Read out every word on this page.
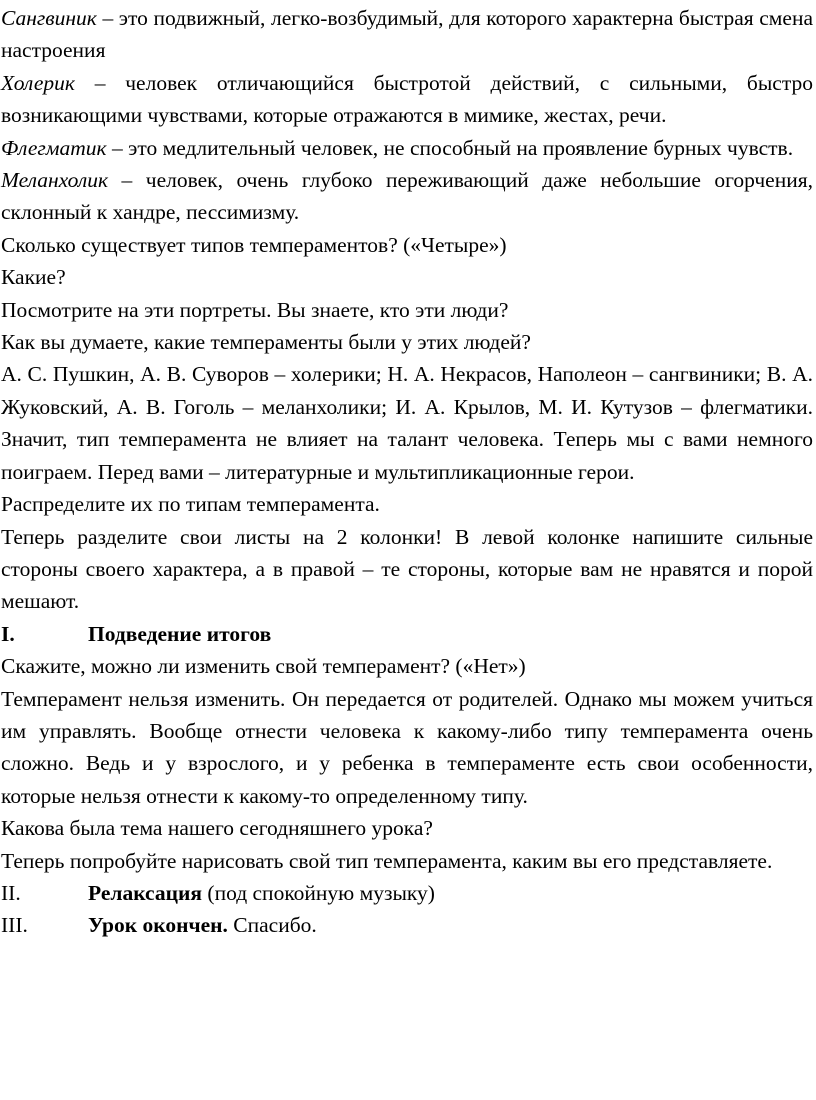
Сангвиник – это подвижный, легко-возбудимый, для которого характерна быстрая смена настроения

Холерик – человек отличающийся быстротой действий, с сильными, быстро возникающими чувствами, которые отражаются в мимике, жестах, речи.

Флегматик – это медлительный человек, не способный на проявление бурных чувств.

Меланхолик – человек, очень глубоко переживающий даже небольшие огорчения, склонный к хандре, пессимизму.

Сколько существует типов темпераментов? («Четыре»)

Какие?

Посмотрите на эти портреты. Вы знаете, кто эти люди?

Как вы думаете, какие темпераменты были у этих людей?

А. С. Пушкин, А. В. Суворов – холерики; Н. А. Некрасов, Наполеон – сангвиники; В. А. Жуковский, А. В. Гоголь – меланхолики; И. А. Крылов, М. И. Кутузов – флегматики. Значит, тип темперамента не влияет на талант человека. Теперь мы с вами немного поиграем. Перед вами – литературные и мультипликационные герои.

Распределите их по типам темперамента.

Теперь разделите свои листы на 2 колонки! В левой колонке напишите сильные стороны своего характера, а в правой – те стороны, которые вам не нравятся и порой мешают.

I.	Подведение итогов

Скажите, можно ли изменить свой темперамент? («Нет»)

Темперамент нельзя изменить. Он передается от родителей. Однако мы можем учиться им управлять. Вообще отнести человека к какому-либо типу темперамента очень сложно. Ведь и у взрослого, и у ребенка в темпераменте есть свои особенности, которые нельзя отнести к какому-то определенному типу.

Какова была тема нашего сегодняшнего урока?

Теперь попробуйте нарисовать свой тип темперамента, каким вы его представляете.

II.	Релаксация (под спокойную музыку)

III.	Урок окончен. Спасибо.
